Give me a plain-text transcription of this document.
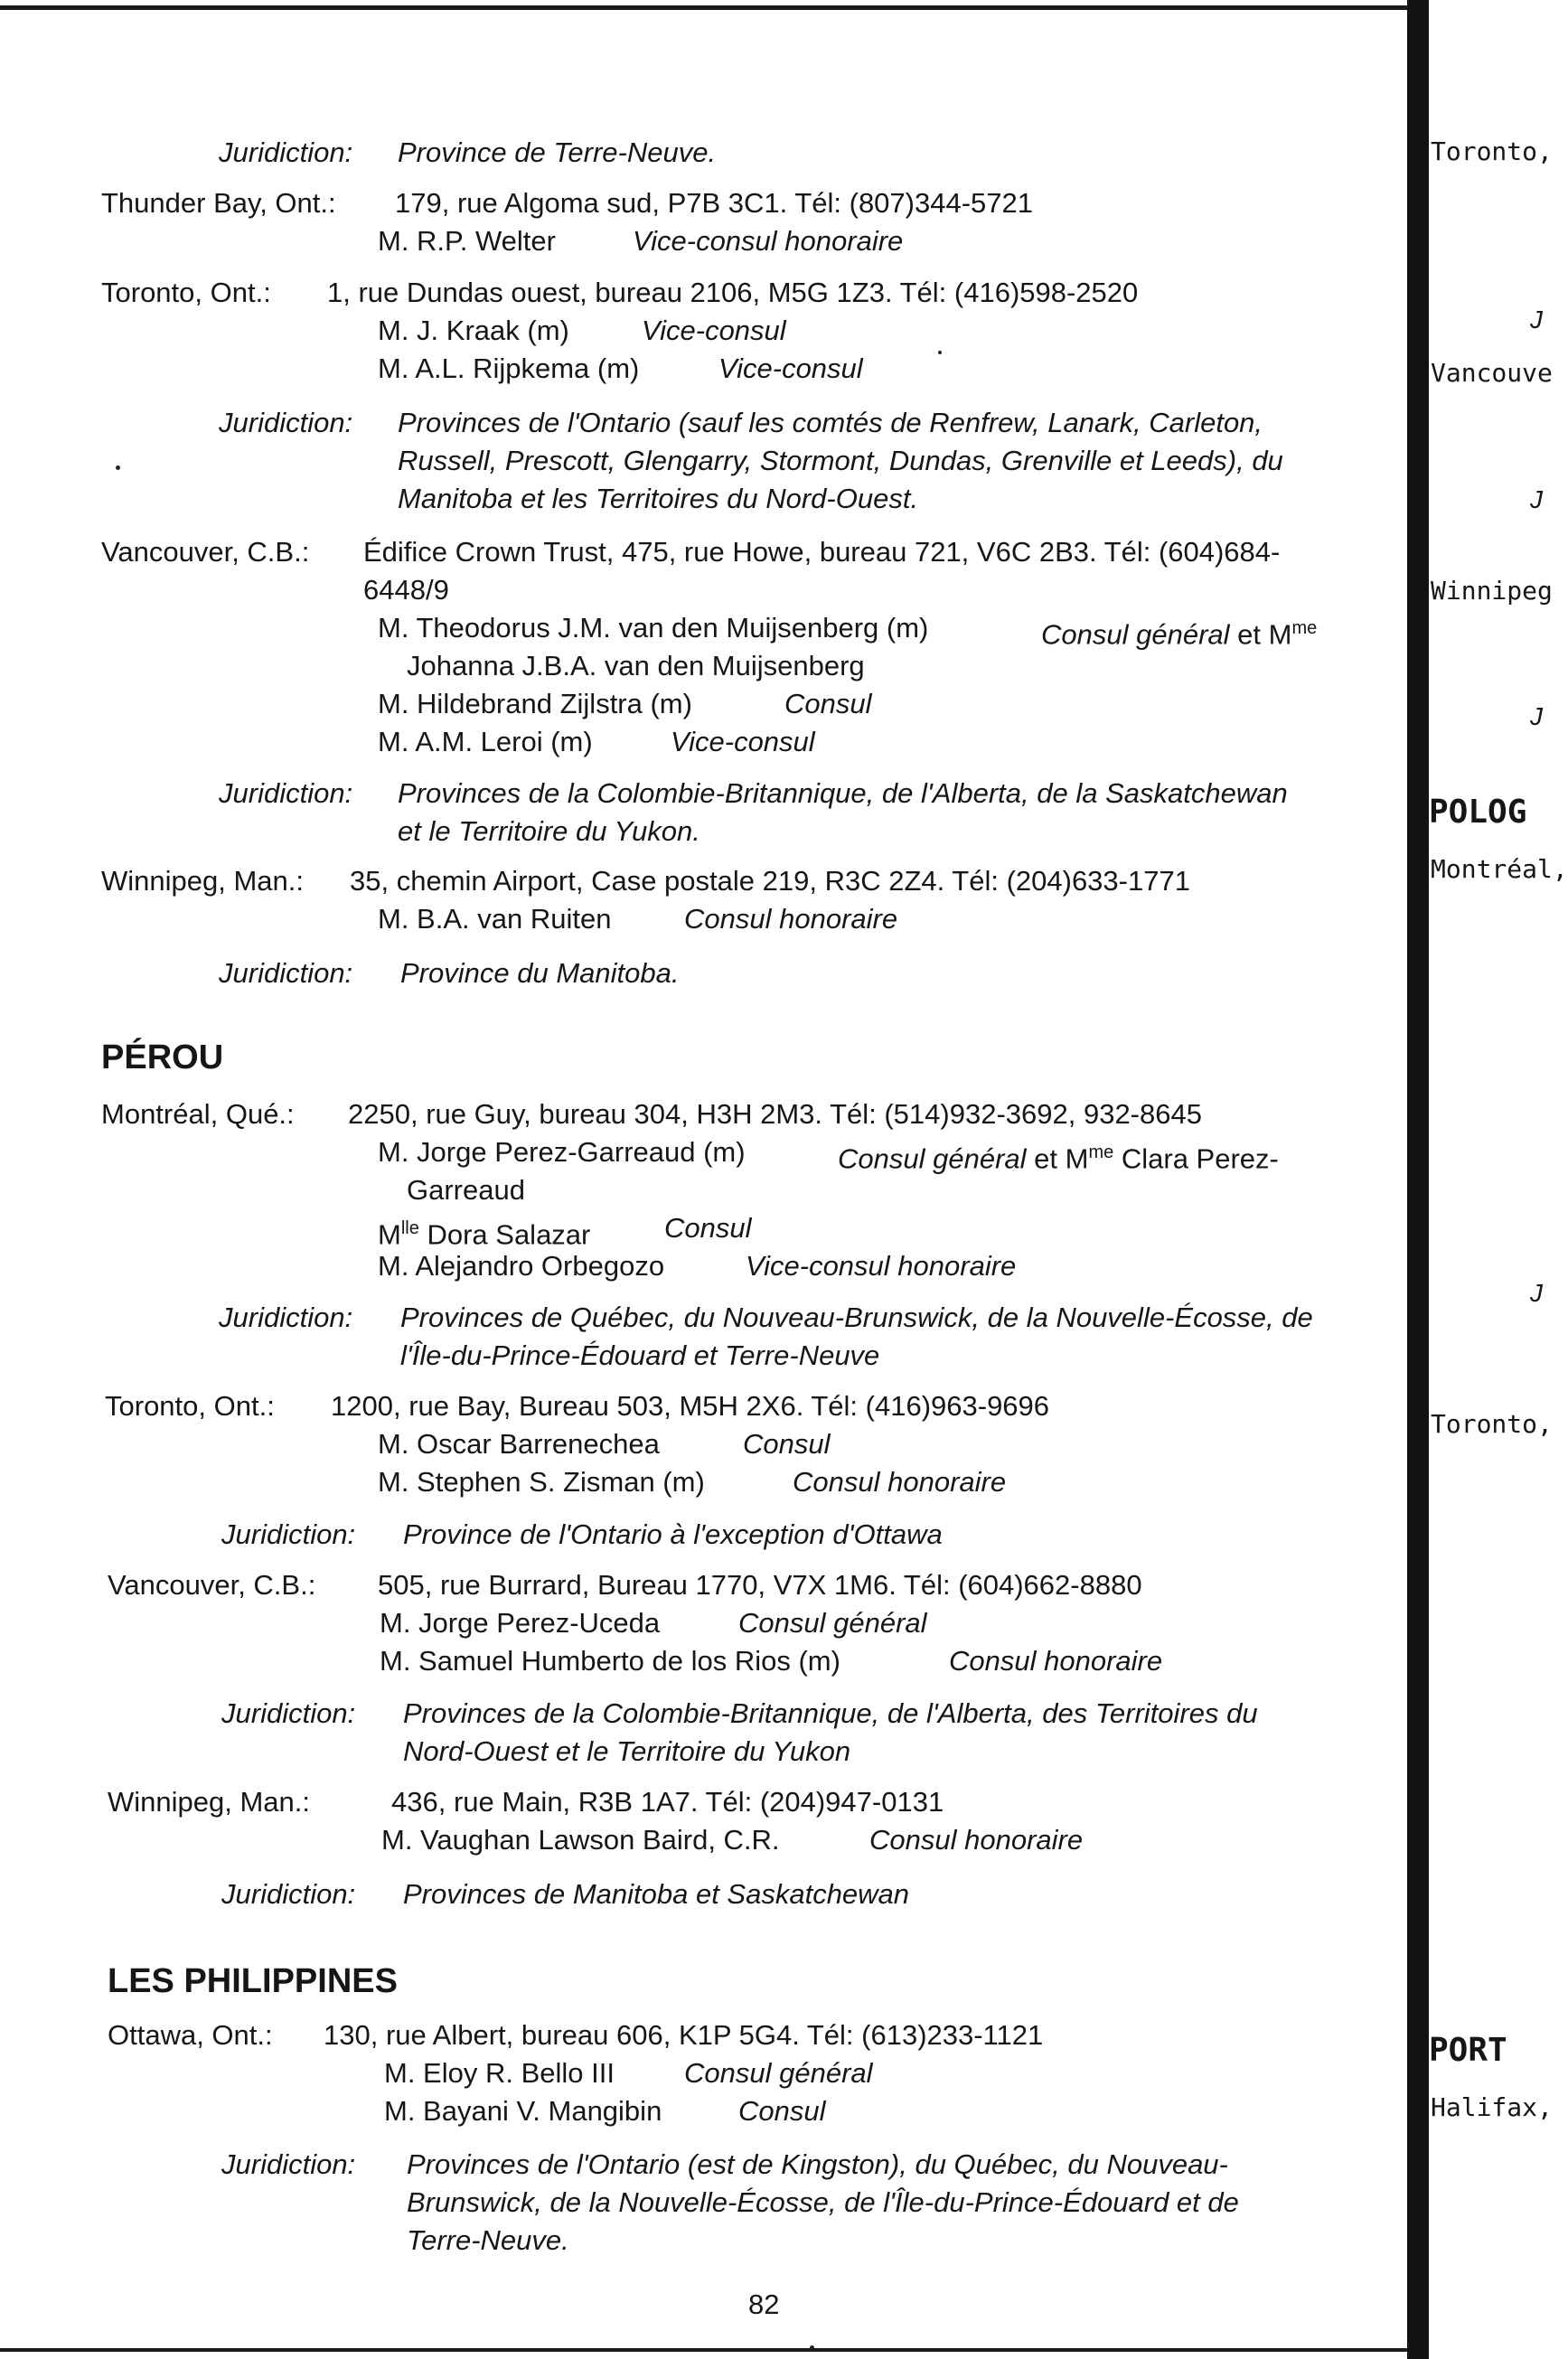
Juridiction: Province de Terre-Neuve.
Thunder Bay, Ont.: 179, rue Algoma sud, P7B 3C1. Tél: (807)344-5721
M. R.P. Welter	Vice-consul honoraire
Toronto, Ont.: 1, rue Dundas ouest, bureau 2106, M5G 1Z3. Tél: (416)598-2520
M. J. Kraak (m)	Vice-consul
M. A.L. Rijpkema (m)	Vice-consul
Juridiction: Provinces de l'Ontario (sauf les comtés de Renfrew, Lanark, Carleton,
Russell, Prescott, Glengarry, Stormont, Dundas, Grenville et Leeds), du
Manitoba et les Territoires du Nord-Ouest.
Vancouver, C.B.: Édifice Crown Trust, 475, rue Howe, bureau 721, V6C 2B3. Tél: (604)684-
6448/9
M. Theodorus J.M. van den Muijsenberg (m)	Consul général et $M^{me}$
Johanna J.B.A. van den Muijsenberg
M. Hildebrand Zijlstra (m)	Consul
M. A.M. Leroi (m)	Vice-consul
Juridiction: Provinces de la Colombie-Britannique, de l'Alberta, de la Saskatchewan
et le Territoire du Yukon.
Winnipeg, Man.: 35, chemin Airport, Case postale 219, R3C 2Z4. Tél: (204)633-1771
M. B.A. van Ruiten	Consul honoraire
Juridiction: Province du Manitoba.
PÉROU
Montréal, Qué.: 2250, rue Guy, bureau 304, H3H 2M3. Tél: (514)932-3692, 932-8645
M. Jorge Perez-Garreaud (m)	Consul général et $M^{me}$ Clara Perez-
Garreaud
$M^{lle}$ Dora Salazar	Consul
M. Alejandro Orbegozo	Vice-consul honoraire
Juridiction: Provinces de Québec, du Nouveau-Brunswick, de la Nouvelle-Écosse, de
l'Île-du-Prince-Édouard et Terre-Neuve
Toronto, Ont.: 1200, rue Bay, Bureau 503, M5H 2X6. Tél: (416)963-9696
M. Oscar Barrenechea	Consul
M. Stephen S. Zisman (m)	Consul honoraire
Juridiction: Province de l'Ontario à l'exception d'Ottawa
Vancouver, C.B.: 505, rue Burrard, Bureau 1770, V7X 1M6. Tél: (604)662-8880
M. Jorge Perez-Uceda	Consul général
M. Samuel Humberto de los Rios (m)	Consul honoraire
Juridiction: Provinces de la Colombie-Britannique, de l'Alberta, des Territoires du
Nord-Ouest et le Territoire du Yukon
Winnipeg, Man.:	436, rue Main, R3B 1A7. Tél: (204)947-0131
M. Vaughan Lawson Baird, C.R.	Consul honoraire
Juridiction: Provinces de Manitoba et Saskatchewan
LES PHILIPPINES
Ottawa, Ont.: 130, rue Albert, bureau 606, K1P 5G4. Tél: (613)233-1121
M. Eloy R. Bello III Consul général
M. Bayani V. Mangibin	Consul
Juridiction: Provinces de l'Ontario (est de Kingston), du Québec, du Nouveau-
Brunswick, de la Nouvelle-Écosse, de l'Île-du-Prince-Édouard et de
Terre-Neuve.
82
Toronto,
J
Vancouve
J
Winnipeg
J
POLOG
Montréal,
J
Toronto,
PORT
Halifax,
